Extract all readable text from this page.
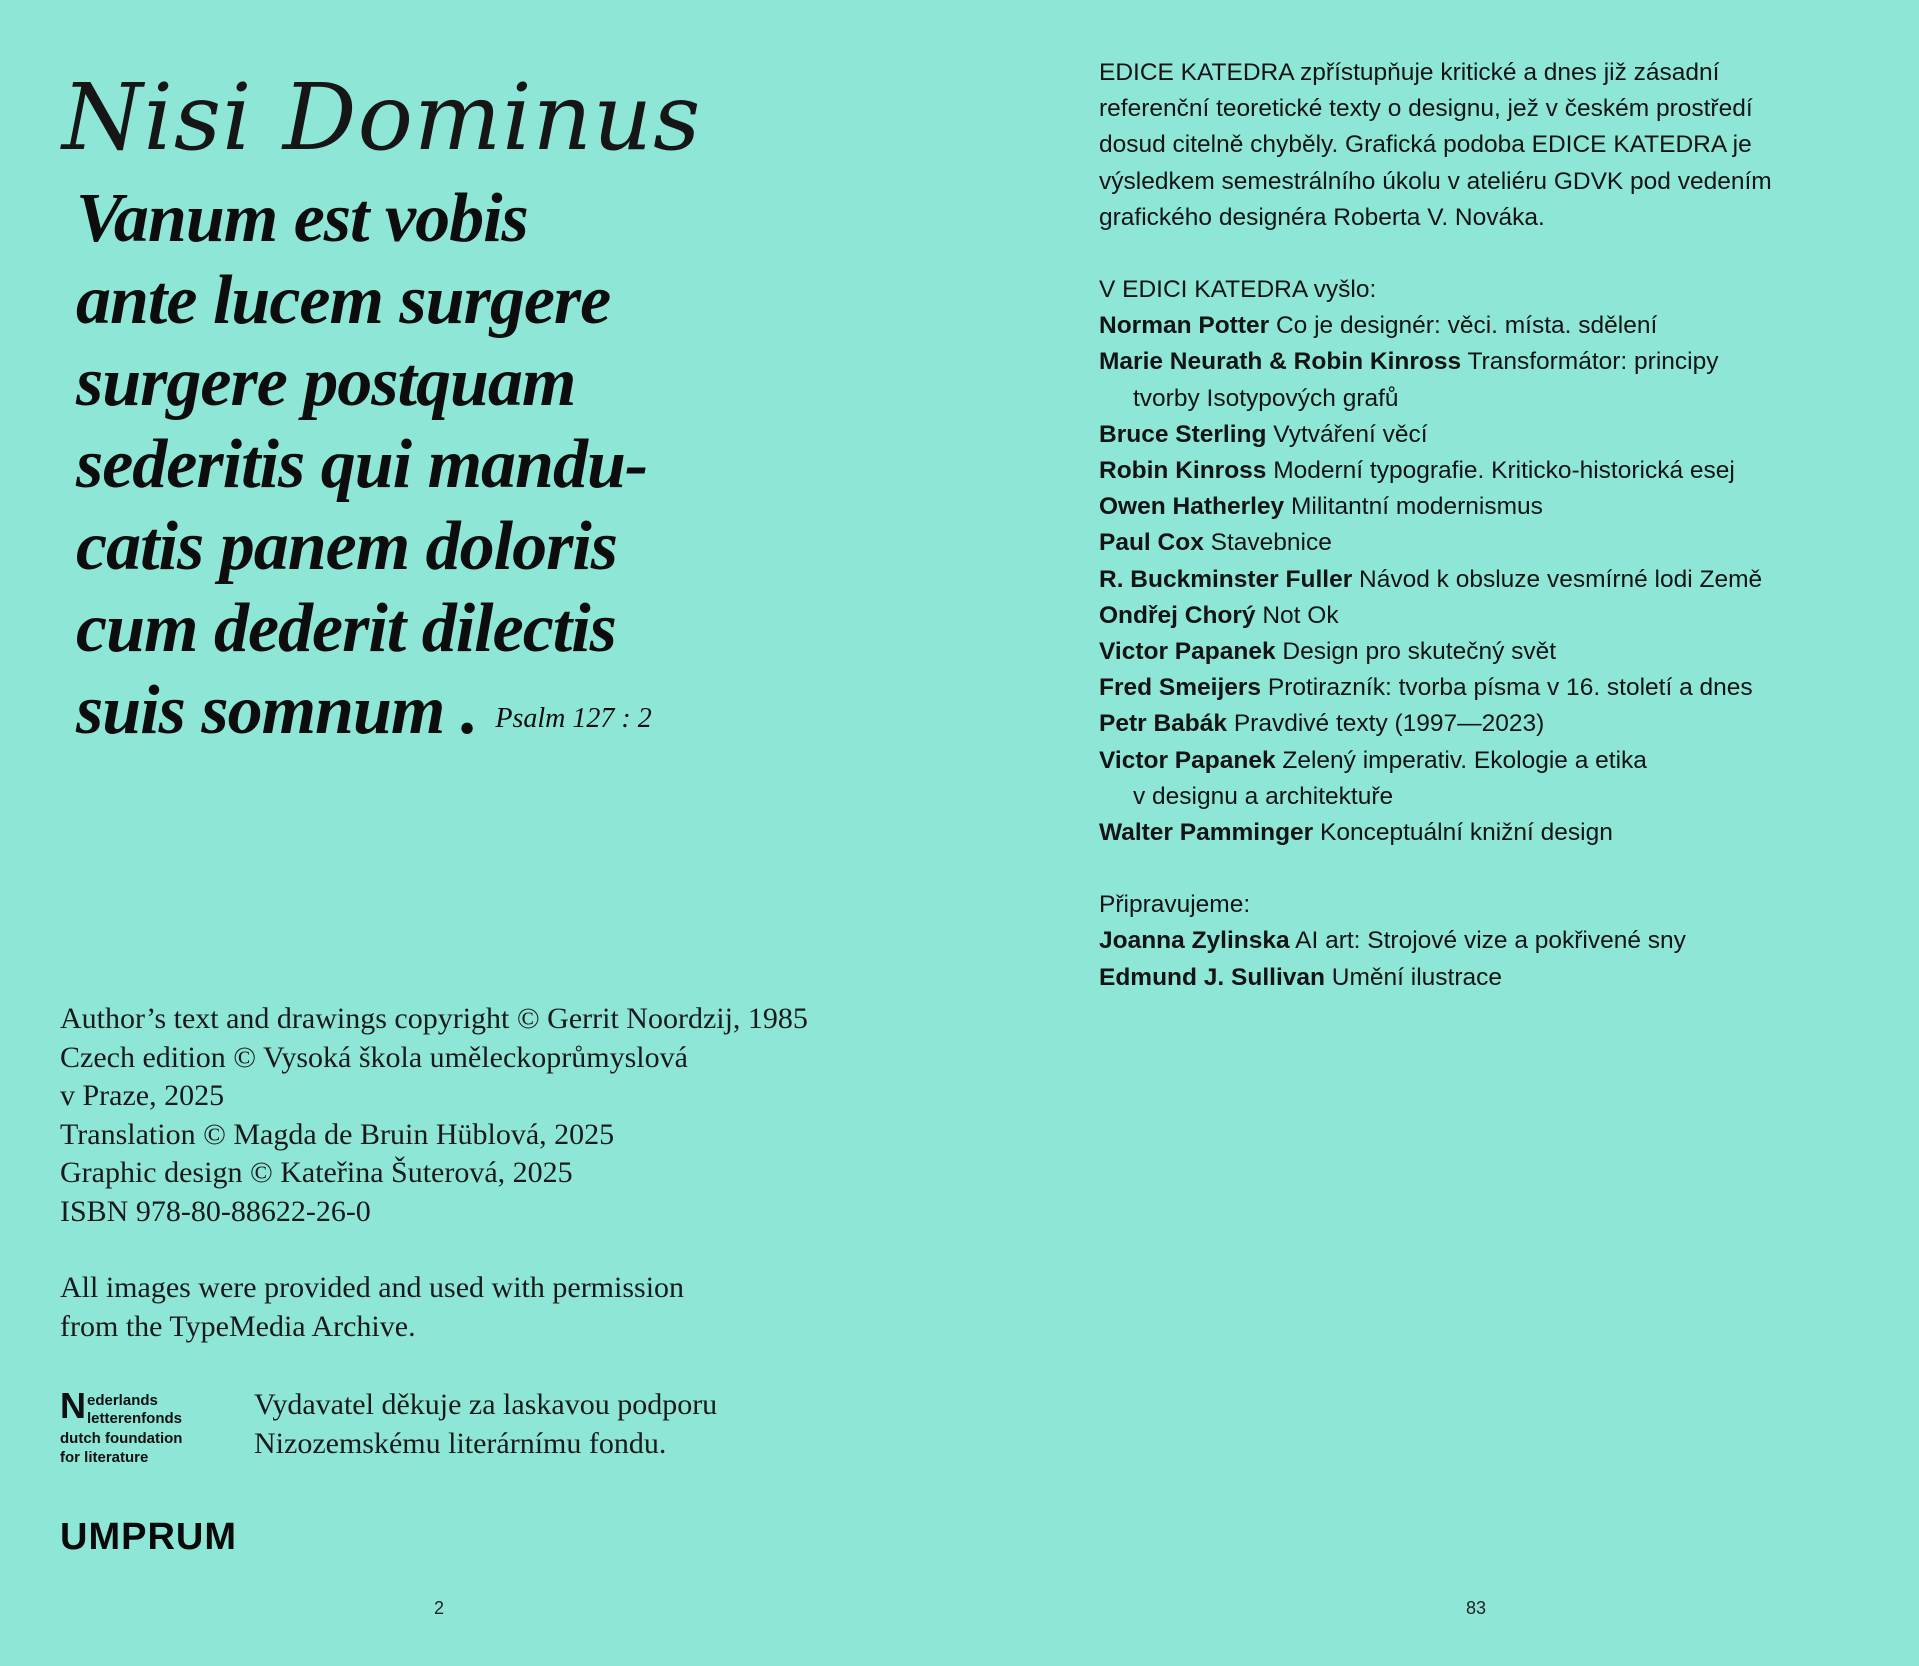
Nisi Dominus
Vanum est vobis
ante lucem surgere
surgere postquam
sederitis qui mandu-
catis panem doloris
cum dederit dilectis
suis somnum . Psalm 127 : 2
Author’s text and drawings copyright © Gerrit Noordzij, 1985
Czech edition © Vysoká škola uměleckoprůmyslová
v Praze, 2025
Translation © Magda de Bruin Hüblová, 2025
Graphic design © Kateřina Šuterová, 2025
ISBN 978-80-88622-26-0
All images were provided and used with permission
from the TypeMedia Archive.
N ederlands
letterenfonds
dutch foundation
for literature
Vydavatel děkuje za laskavou podporu
Nizozemskému literárnímu fondu.
UMPRUM
2

EDICE KATEDRA zpřístupňuje kritické a dnes již zásadní

referenční teoretické texty o designu, jež v českém prostředí

dosud citelně chyběly. Grafická podoba EDICE KATEDRA je

výsledkem semestrálního úkolu v ateliéru GDVK pod vedením

grafického designéra Roberta V. Nováka.

V EDICI KATEDRA vyšlo:

Norman Potter Co je designér: věci. místa. sdělení

Marie Neurath & Robin Kinross Transformátor: principy
tvorby Isotypových grafů

Bruce Sterling Vytváření věcí

Robin Kinross Moderní typografie. Kriticko-historická esej

Owen Hatherley Militantní modernismus

Paul Cox Stavebnice

R. Buckminster Fuller Návod k obsluze vesmírné lodi Země

Ondřej Chorý Not Ok

Victor Papanek Design pro skutečný svět

Fred Smeijers Protirazník: tvorba písma v 16. století a dnes

Petr Babák Pravdivé texty (1997—2023)

Victor Papanek Zelený imperativ. Ekologie a etika
v designu a architektuře

Walter Pamminger Konceptuální knižní design

Připravujeme:

Joanna Zylinska AI art: Strojové vize a pokřivené sny

Edmund J. Sullivan Umění ilustrace

83
